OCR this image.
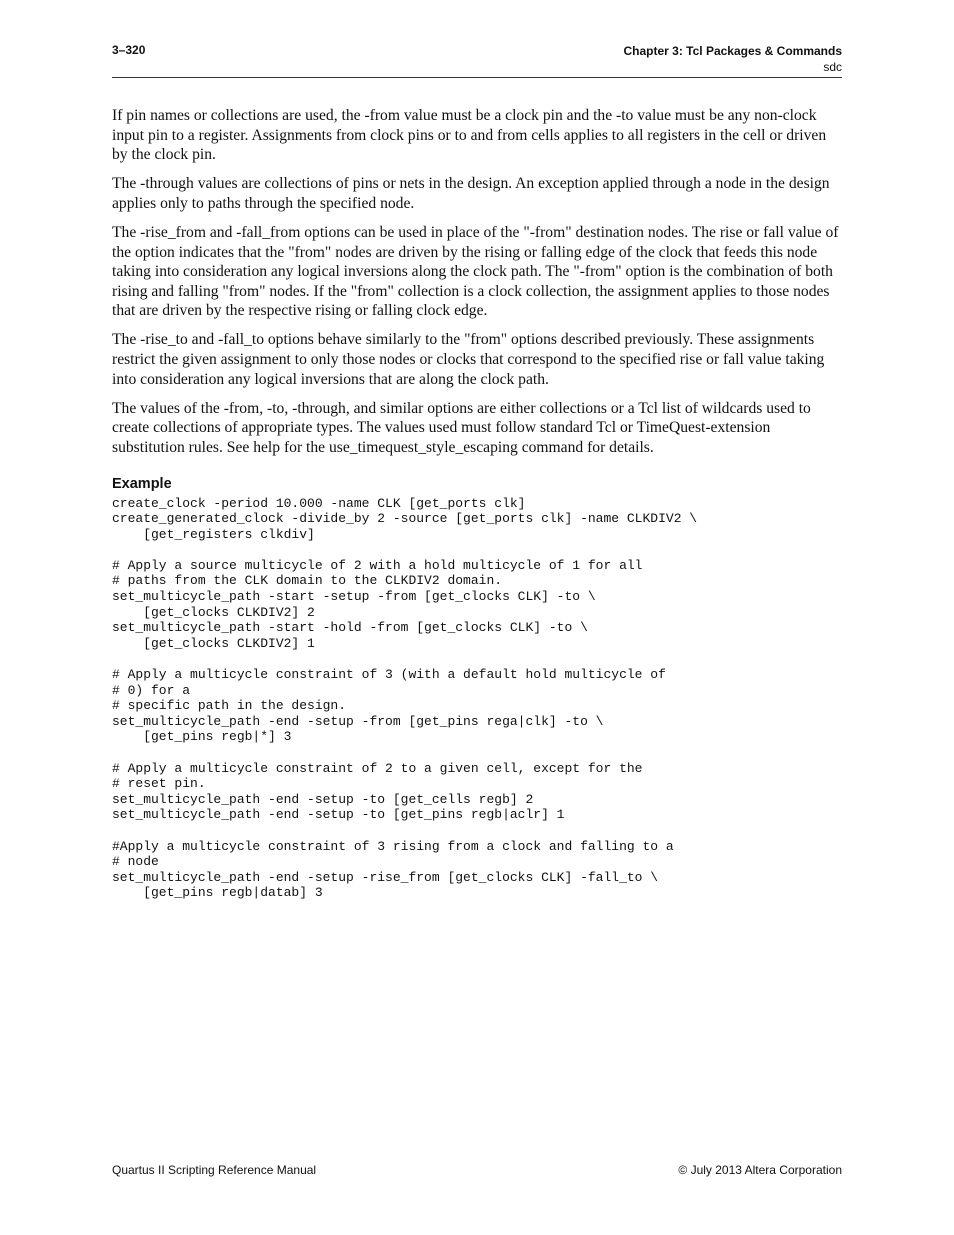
3–320	Chapter 3: Tcl Packages & Commands
sdc

If pin names or collections are used, the -from value must be a clock pin and the -to value must be any non-clock input pin to a register. Assignments from clock pins or to and from cells applies to all registers in the cell or driven by the clock pin.

The -through values are collections of pins or nets in the design. An exception applied through a node in the design applies only to paths through the specified node.

The -rise_from and -fall_from options can be used in place of the "-from" destination nodes. The rise or fall value of the option indicates that the "from" nodes are driven by the rising or falling edge of the clock that feeds this node taking into consideration any logical inversions along the clock path. The "-from" option is the combination of both rising and falling "from" nodes. If the "from" collection is a clock collection, the assignment applies to those nodes that are driven by the respective rising or falling clock edge.

The -rise_to and -fall_to options behave similarly to the "from" options described previously. These assignments restrict the given assignment to only those nodes or clocks that correspond to the specified rise or fall value taking into consideration any logical inversions that are along the clock path.

The values of the -from, -to, -through, and similar options are either collections or a Tcl list of wildcards used to create collections of appropriate types. The values used must follow standard Tcl or TimeQuest-extension substitution rules. See help for the use_timequest_style_escaping command for details.

Example
create_clock -period 10.000 -name CLK [get_ports clk]
create_generated_clock -divide_by 2 -source [get_ports clk] -name CLKDIV2 \
[get_registers clkdiv]

# Apply a source multicycle of 2 with a hold multicycle of 1 for all
# paths from the CLK domain to the CLKDIV2 domain.
set_multicycle_path -start -setup -from [get_clocks CLK] -to \
[get_clocks CLKDIV2] 2
set_multicycle_path -start -hold -from [get_clocks CLK] -to \
[get_clocks CLKDIV2] 1

# Apply a multicycle constraint of 3 (with a default hold multicycle of
# 0) for a
# specific path in the design.
set_multicycle_path -end -setup -from [get_pins rega|clk] -to \
[get_pins regb|*] 3

# Apply a multicycle constraint of 2 to a given cell, except for the
# reset pin.
set_multicycle_path -end -setup -to [get_cells regb] 2
set_multicycle_path -end -setup -to [get_pins regb|aclr] 1

#Apply a multicycle constraint of 3 rising from a clock and falling to a
# node
set_multicycle_path -end -setup -rise_from [get_clocks CLK] -fall_to \
[get_pins regb|datab] 3
Quartus II Scripting Reference Manual	© July 2013 Altera Corporation
